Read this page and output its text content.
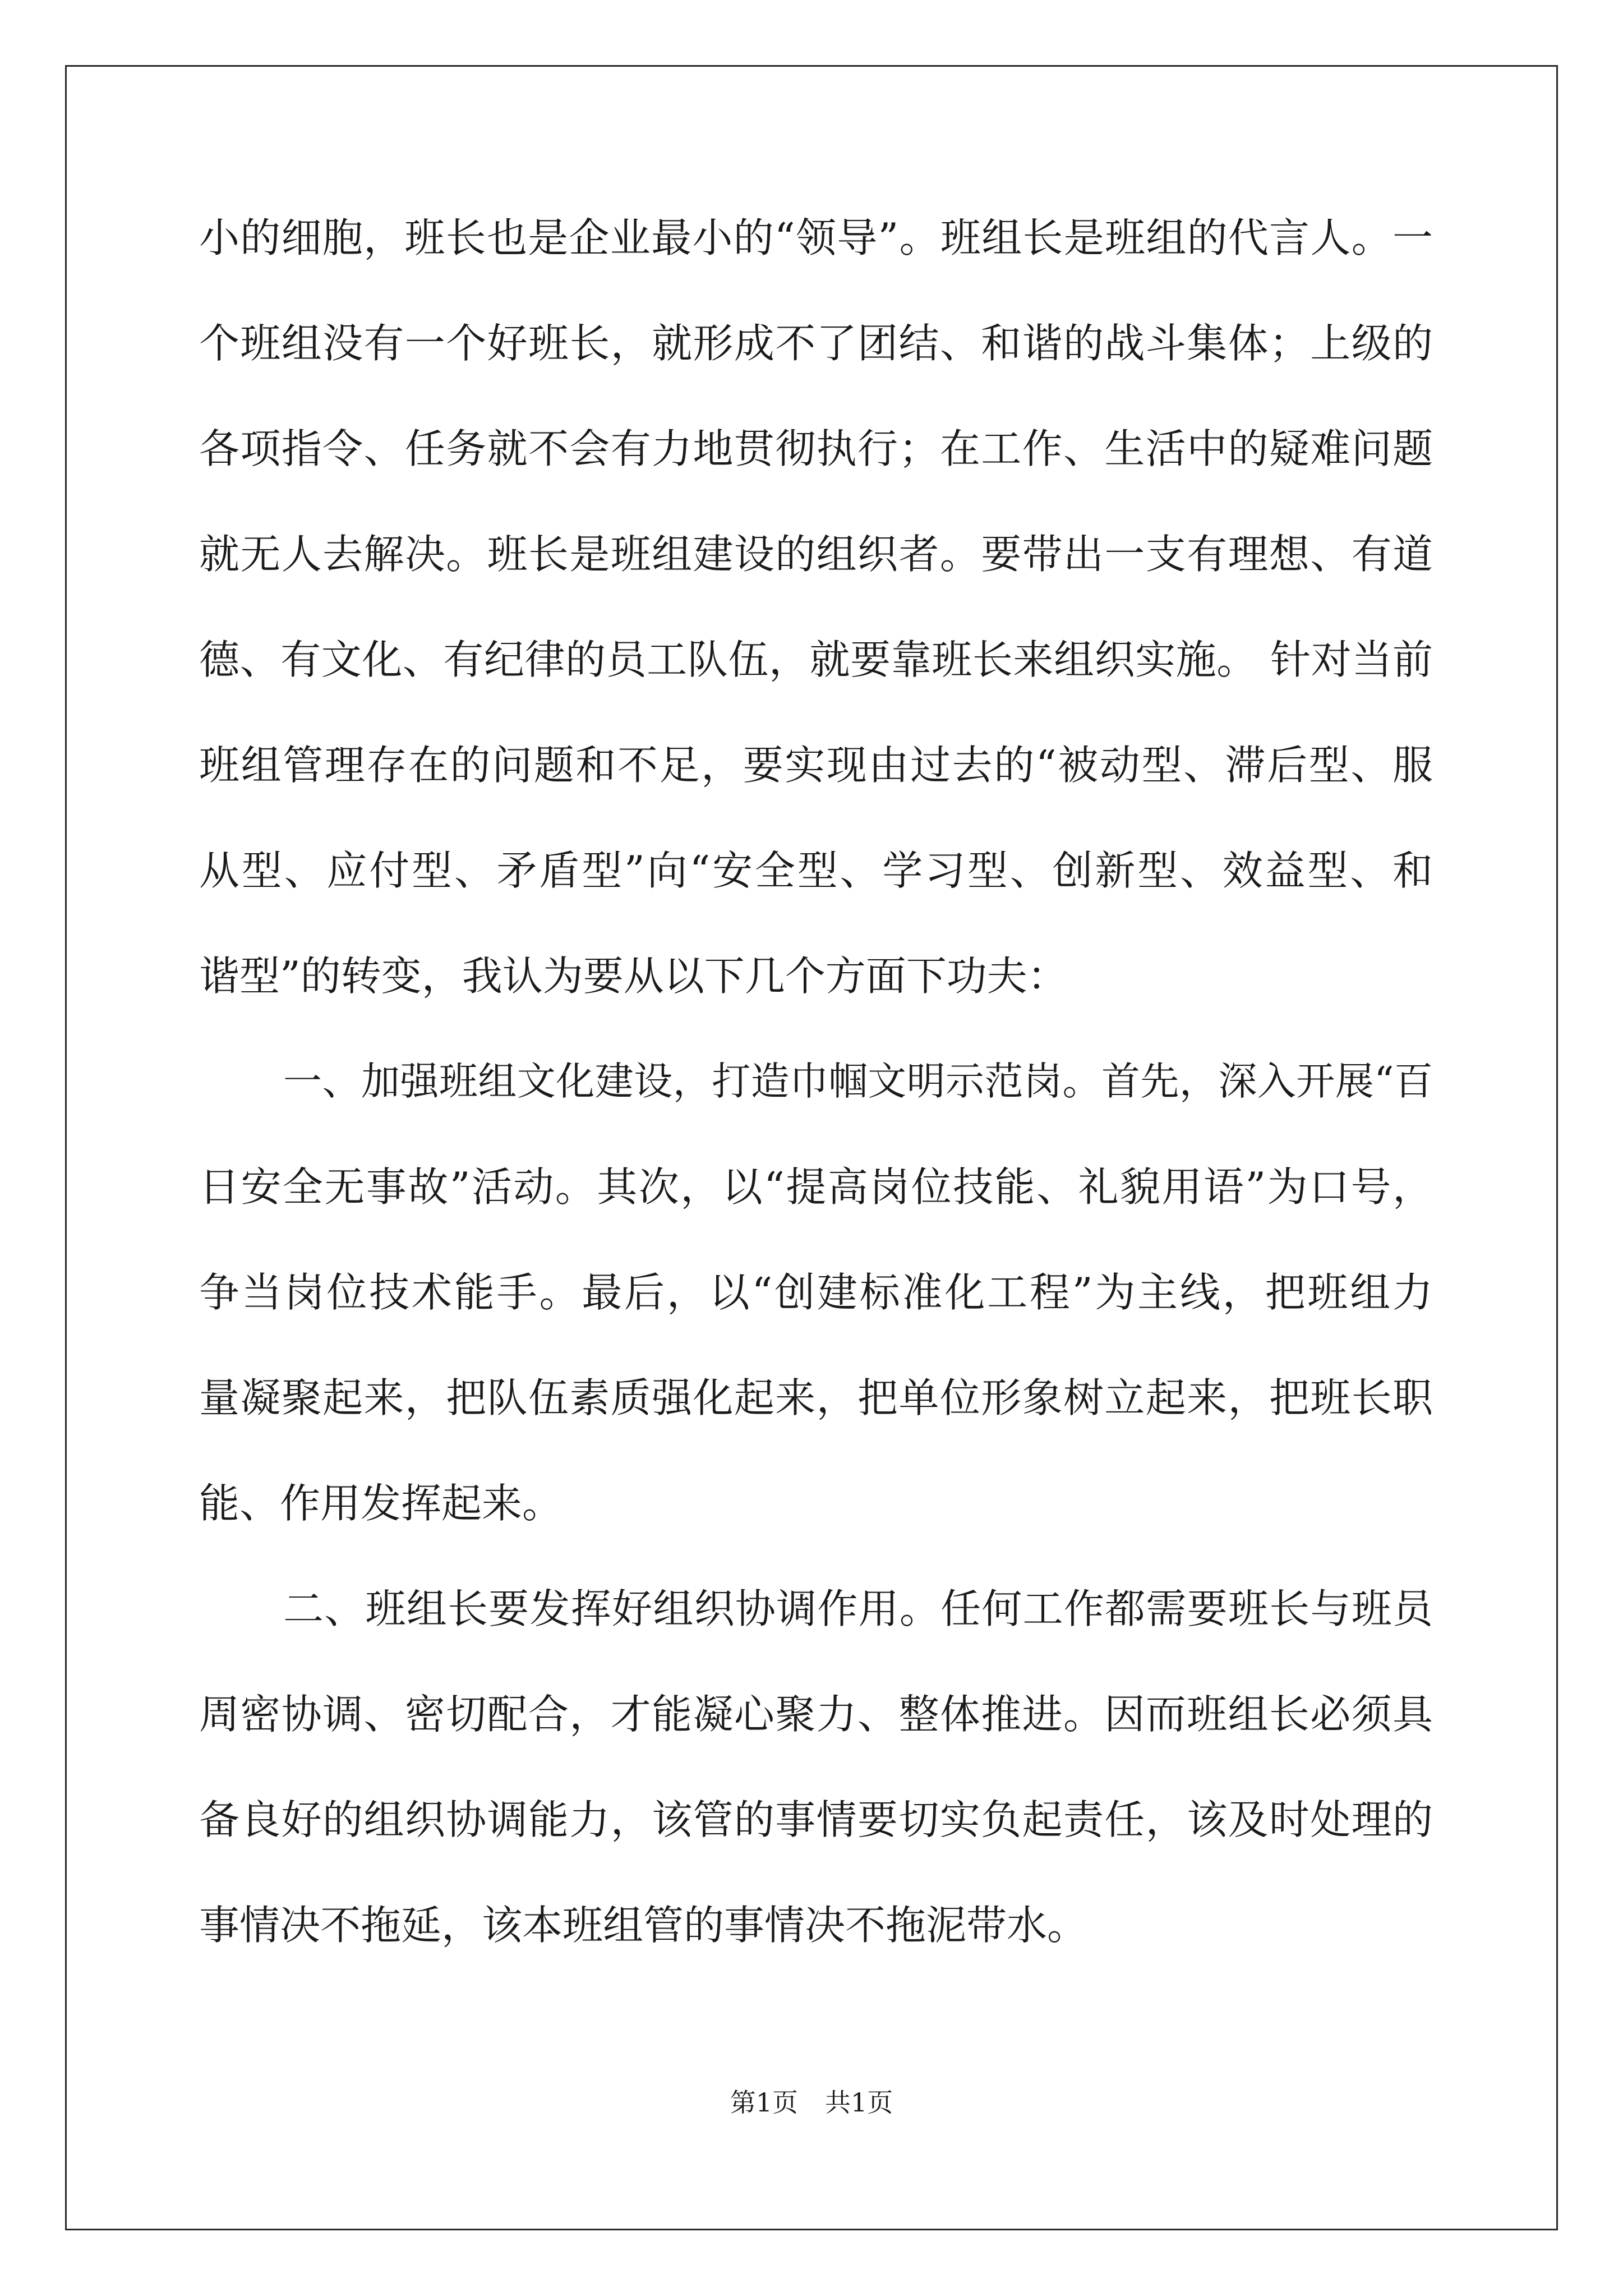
小的细胞，班长也是企业最小的“领导”。班组长是班组的代言人。一
个班组没有一个好班长，就形成不了团结、和谐的战斗集体；上级的
各项指令、任务就不会有力地贯彻执行；在工作、生活中的疑难问题
就无人去解决。班长是班组建设的组织者。要带出一支有理想、有道
德、有文化、有纪律的员工队伍，就要靠班长来组织实施。 针对当前
班组管理存在的问题和不足，要实现由过去的“被动型、滞后型、服
从型、应付型、矛盾型”向“安全型、学习型、创新型、效益型、和
谐型”的转变，我认为要从以下几个方面下功夫：
一、加强班组文化建设，打造巾帼文明示范岗。首先，深入开展“百
日安全无事故”活动。其次，以“提高岗位技能、礼貌用语”为口号，
争当岗位技术能手。最后，以“创建标准化工程”为主线，把班组力
量凝聚起来，把队伍素质强化起来，把单位形象树立起来，把班长职
能、作用发挥起来。
二、班组长要发挥好组织协调作用。任何工作都需要班长与班员
周密协调、密切配合，才能凝心聚力、整体推进。因而班组长必须具
备良好的组织协调能力，该管的事情要切实负起责任，该及时处理的
事情决不拖延，该本班组管的事情决不拖泥带水。
第1页 共1页
